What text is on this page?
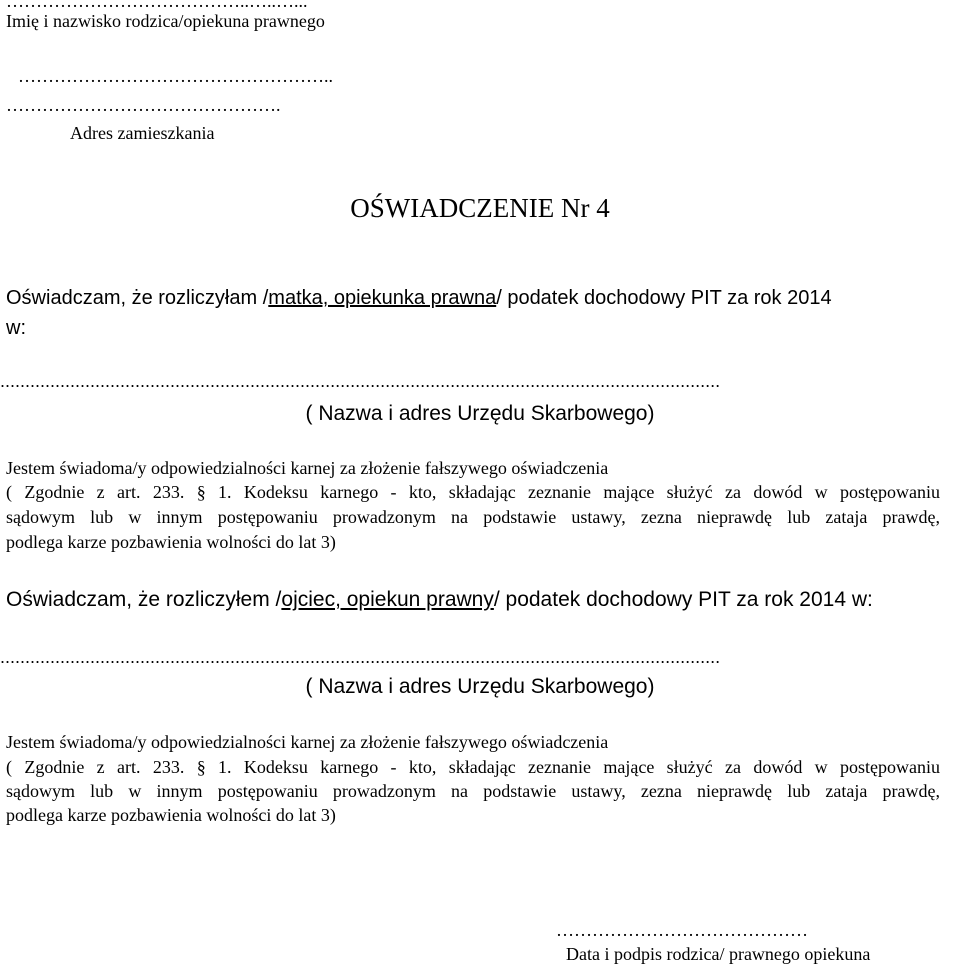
…………………………………..…..…...
Imię i nazwisko rodzica/opiekuna prawnego
……………………………………………..
……………………………………….
Adres zamieszkania
OŚWIADCZENIE Nr 4
Oświadczam, że rozliczyłam /matka, opiekunka prawna/ podatek dochodowy PIT za rok 2014
w:
................................................................................................................................................
( Nazwa i adres Urzędu Skarbowego)
Jestem świadoma/y odpowiedzialności karnej za złożenie fałszywego oświadczenia
( Zgodnie z art. 233. § 1. Kodeksu karnego - kto, składając zeznanie mające służyć za dowód w postępowaniu
sądowym lub w innym postępowaniu prowadzonym na podstawie ustawy, zezna nieprawdę lub zataja prawdę,
podlega karze pozbawienia wolności do lat 3)
Oświadczam, że rozliczyłem /ojciec, opiekun prawny/ podatek dochodowy PIT za rok 2014 w:
................................................................................................................................................
( Nazwa i adres Urzędu Skarbowego)
Jestem świadoma/y odpowiedzialności karnej za złożenie fałszywego oświadczenia
( Zgodnie z art. 233. § 1. Kodeksu karnego - kto, składając zeznanie mające służyć za dowód w postępowaniu
sądowym lub w innym postępowaniu prowadzonym na podstawie ustawy, zezna nieprawdę lub zataja prawdę,
podlega karze pozbawienia wolności do lat 3)
……………………………………
Data i podpis rodzica/ prawnego opiekuna
